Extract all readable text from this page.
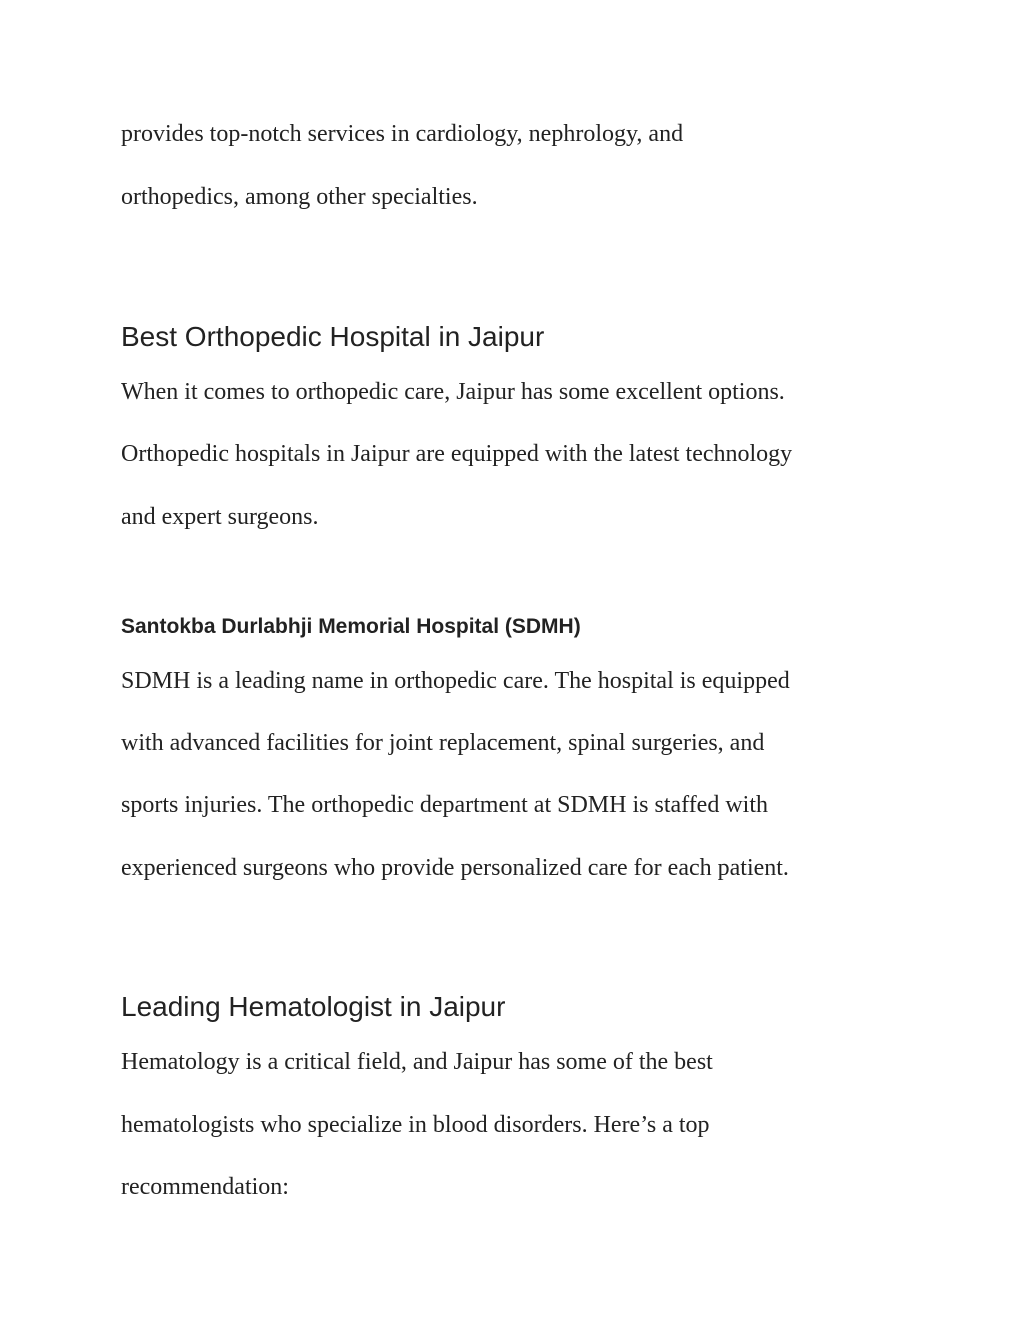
provides top-notch services in cardiology, nephrology, and

orthopedics, among other specialties.

Best Orthopedic Hospital in Jaipur

When it comes to orthopedic care, Jaipur has some excellent options.

Orthopedic hospitals in Jaipur are equipped with the latest technology

and expert surgeons.

Santokba Durlabhji Memorial Hospital (SDMH)

SDMH is a leading name in orthopedic care. The hospital is equipped

with advanced facilities for joint replacement, spinal surgeries, and

sports injuries. The orthopedic department at SDMH is staffed with

experienced surgeons who provide personalized care for each patient.

Leading Hematologist in Jaipur

Hematology is a critical field, and Jaipur has some of the best

hematologists who specialize in blood disorders. Here’s a top

recommendation:
